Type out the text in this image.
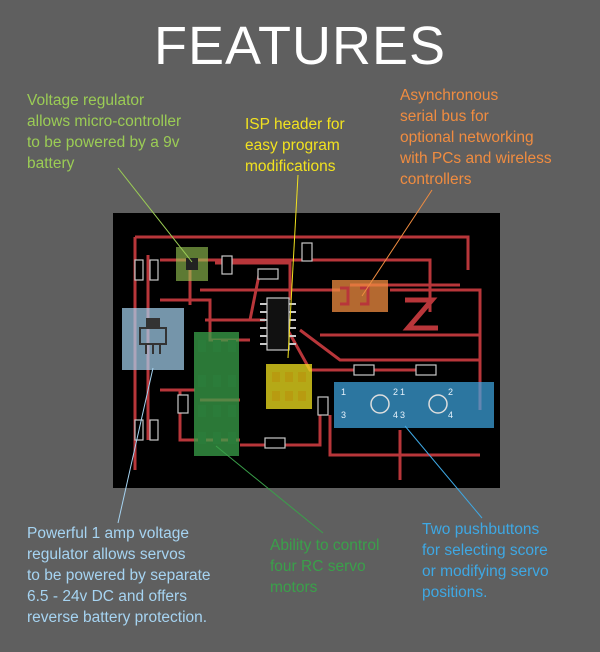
FEATURES
1	2
3	4
1	2
3	4
Voltage regulator
allows micro-controller
to be powered by a 9v
battery
ISP header for
easy program
modifications
Asynchronous
serial bus for
optional networking
with PCs and wireless
controllers
Powerful 1 amp voltage
regulator allows servos
to be powered by separate
6.5 - 24v DC and offers
reverse battery protection.
Ability to control
four RC servo
motors
Two pushbuttons
for selecting score
or modifying servo
positions.
